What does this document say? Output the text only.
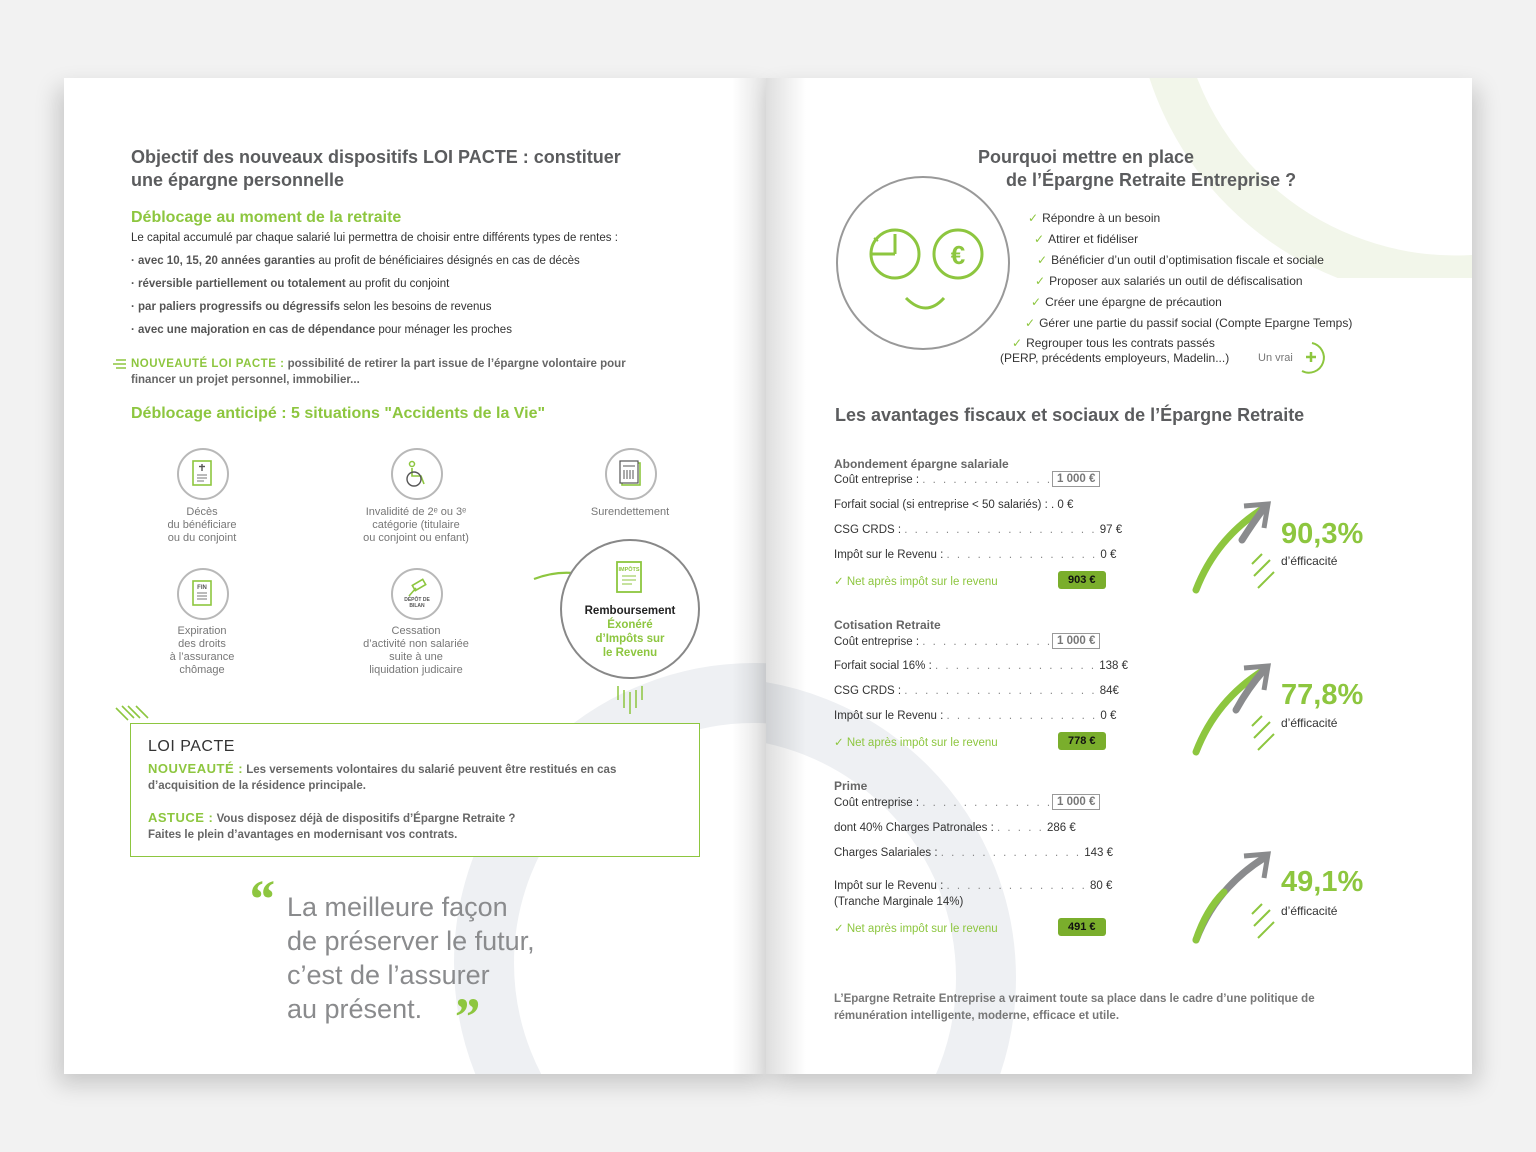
Objectif des nouveaux dispositifs LOI PACTE : constituer
une épargne personnelle
Déblocage au moment de la retraite
Le capital accumulé par chaque salarié lui permettra de choisir entre différents types de rentes :
· avec 10, 15, 20 années garanties au profit de bénéficiaires désignés en cas de décès
· réversible partiellement ou totalement au profit du conjoint
· par paliers progressifs ou dégressifs selon les besoins de revenus
· avec une majoration en cas de dépendance pour ménager les proches
NOUVEAUTÉ LOI PACTE : possibilité de retirer la part issue de l’épargne volontaire pour
financer un projet personnel, immobilier...
Déblocage anticipé : 5 situations "Accidents de la Vie"
Décès
du bénéficiare
ou du conjoint
Invalidité de 2ᵉ ou 3ᵉ
catégorie (titulaire
ou conjoint ou enfant)
Surendettement
FIN
Expiration
des droits
à l’assurance
chômage
DÉPÔT DE
BILAN
Cessation
d’activité non salariée
suite à une
liquidation judicaire
IMPÔTS
Remboursement
Éxonéré
d’Impôts sur
le Revenu
LOI PACTE
NOUVEAUTÉ : Les versements volontaires du salarié peuvent être restitués en cas
d’acquisition de la résidence principale.
ASTUCE : Vous disposez déjà de dispositifs d’Épargne Retraite ?
Faites le plein d’avantages en modernisant vos contrats.
“ La meilleure façon
de préserver le futur,
c’est de l’assurer
au présent. ”
Pourquoi mettre en place
de l’Épargne Retraite Entreprise ?
€
✓ Répondre à un besoin
✓ Attirer et fidéliser
✓ Bénéficier d’un outil d’optimisation fiscale et sociale
✓ Proposer aux salariés un outil de défiscalisation
✓ Créer une épargne de précaution
✓ Gérer une partie du passif social (Compte Epargne Temps)
✓ Regrouper tous les contrats passés
(PERP, précédents employeurs, Madelin...)	Un vrai
Les avantages fiscaux et sociaux de l’Épargne Retraite
Abondement épargne salariale
Coût entreprise : . . . . . . . . . . . . . 1 000 €
Forfait social (si entreprise < 50 salariés) : . 0 €
CSG CRDS : . . . . . . . . . . . . . . . . . . . 97 €
Impôt sur le Revenu : . . . . . . . . . . . . . . . 0 €
✓ Net après impôt sur le revenu	903 €
Cotisation Retraite
Coût entreprise : . . . . . . . . . . . . . 1 000 €
Forfait social 16% : . . . . . . . . . . . . . . . . 138 €
CSG CRDS : . . . . . . . . . . . . . . . . . . . 84€
Impôt sur le Revenu : . . . . . . . . . . . . . . . 0 €
✓ Net après impôt sur le revenu	778 €
Prime
Coût entreprise : . . . . . . . . . . . . . 1 000 €
dont 40% Charges Patronales : . . . . . 286 €
Charges Salariales : . . . . . . . . . . . . . . 143 €
Impôt sur le Revenu : . . . . . . . . . . . . . . 80 €
(Tranche Marginale 14%)
✓ Net après impôt sur le revenu	491 €
90,3%
d’éfficacité
77,8%
d’éfficacité
49,1%
d’éfficacité
L’Epargne Retraite Entreprise a vraiment toute sa place dans le cadre d’une politique de
rémunération intelligente, moderne, efficace et utile.
